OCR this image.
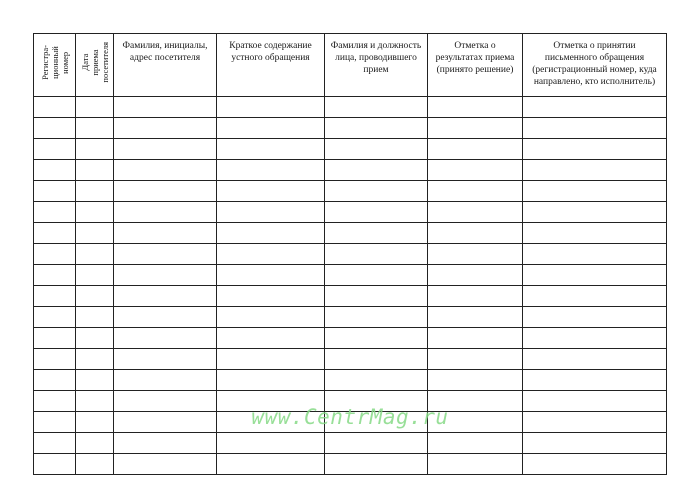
Регистра-
ционный
номер	Дата
приема
посетителя	Фамилия, инициалы,
адрес посетителя	Краткое содержание
устного обращения	Фамилия и должность
лица, проводившего
прием	Отметка о
результатах приема
(принято решение)	Отметка о принятии
письменного обращения
(регистрационный номер, куда
направлено, кто исполнитель)

www.CentrMag.ru
